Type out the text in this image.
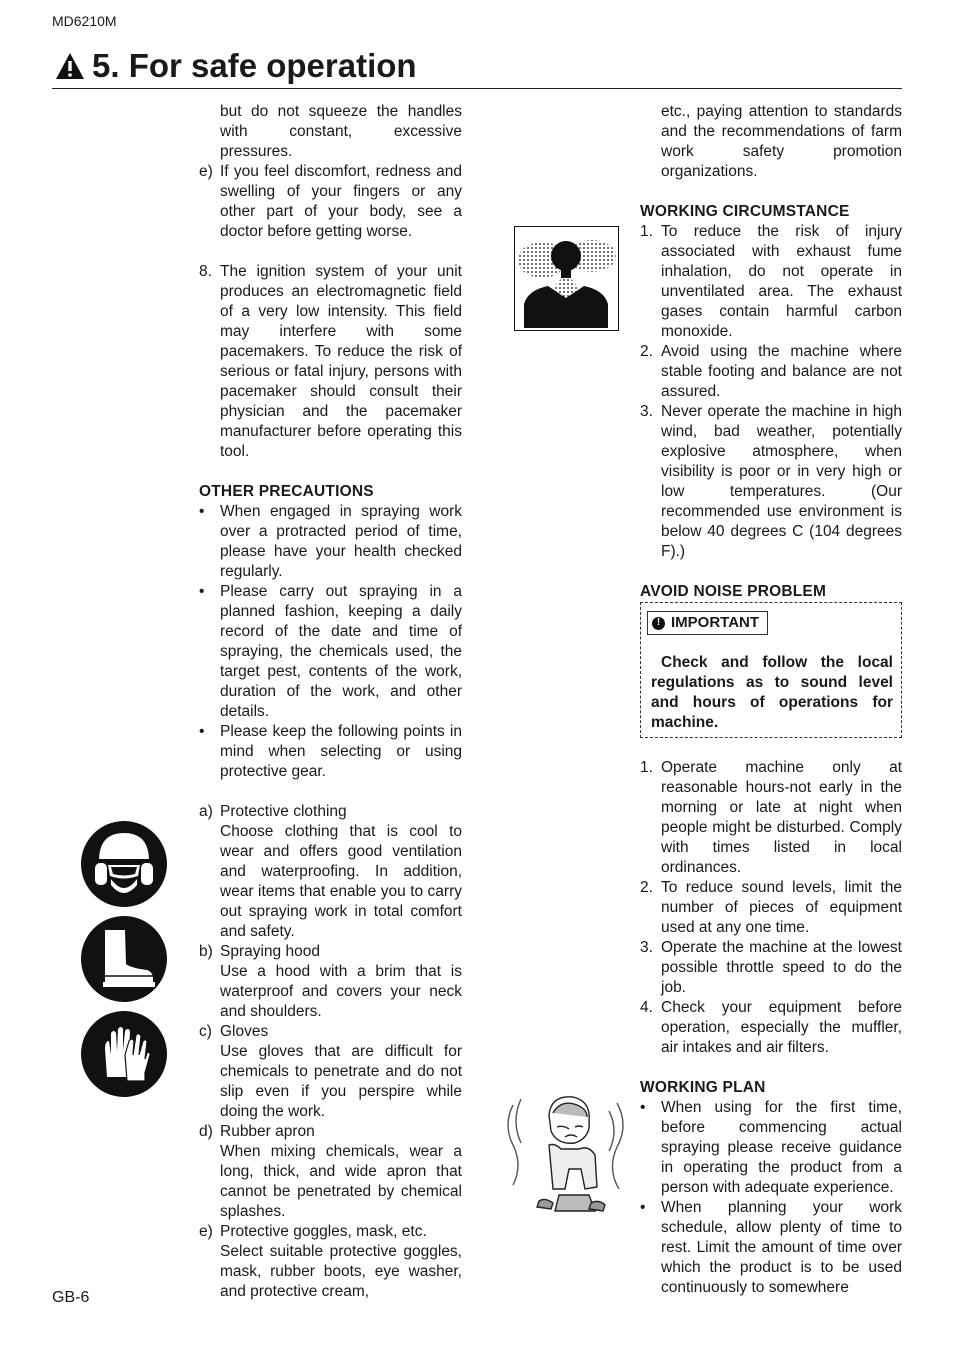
MD6210M
5. For safe operation

but do not squeeze the handles with constant, excessive pressures.

e) If you feel discomfort, redness and swelling of your fingers or any other part of your body, see a doctor before getting worse.
8. The ignition system of your unit produces an electromagnetic field of a very low intensity. This field may interfere with some pacemakers. To reduce the risk of serious or fatal injury, persons with pacemaker should consult their physician and the pacemaker manufacturer before operating this tool.
OTHER PRECAUTIONS
•	When engaged in spraying work over a protracted period of time, please have your health checked regularly.
•	Please carry out spraying in a planned fashion, keeping a daily record of the date and time of spraying, the chemicals used, the target pest, contents of the work, duration of the work, and other details.
•	Please keep the following points in mind when selecting or using protective gear.
a) Protective clothing
Choose clothing that is cool to wear and offers good ventilation and waterproofing. In addition, wear items that enable you to carry out spraying work in total comfort and safety.
b) Spraying hood
Use a hood with a brim that is waterproof and covers your neck and shoulders.
c) Gloves
Use gloves that are difficult for chemicals to penetrate and do not slip even if you perspire while doing the work.
d) Rubber apron
When mixing chemicals, wear a long, thick, and wide apron that cannot be penetrated by chemical splashes.
e) Protective goggles, mask, etc.
Select suitable protective goggles, mask, rubber boots, eye washer, and protective cream,

etc., paying attention to standards and the recommendations of farm work safety promotion organizations.

WORKING CIRCUMSTANCE
1. To reduce the risk of injury associated with exhaust fume inhalation, do not operate in unventilated area. The exhaust gases contain harmful carbon monoxide.
2. Avoid using the machine where stable footing and balance are not assured.
3. Never operate the machine in high wind, bad weather, potentially explosive atmosphere, when visibility is poor or in very high or low temperatures. (Our recommended use environment is below 40 degrees C (104 degrees F).)
AVOID NOISE PROBLEM
! IMPORTANT
Check and follow the local regulations as to sound level and hours of operations for machine.
1. Operate machine only at reasonable hours-not early in the morning or late at night when people might be disturbed. Comply with times listed in local ordinances.
2. To reduce sound levels, limit the number of pieces of equipment used at any one time.
3. Operate the machine at the lowest possible throttle speed to do the job.
4. Check your equipment before operation, especially the muffler, air intakes and air filters.
WORKING PLAN
•	When using for the first time, before commencing actual spraying please receive guidance in operating the product from a person with adequate experience.
•	When planning your work schedule, allow plenty of time to rest. Limit the amount of time over which the product is to be used continuously to somewhere
GB-6
